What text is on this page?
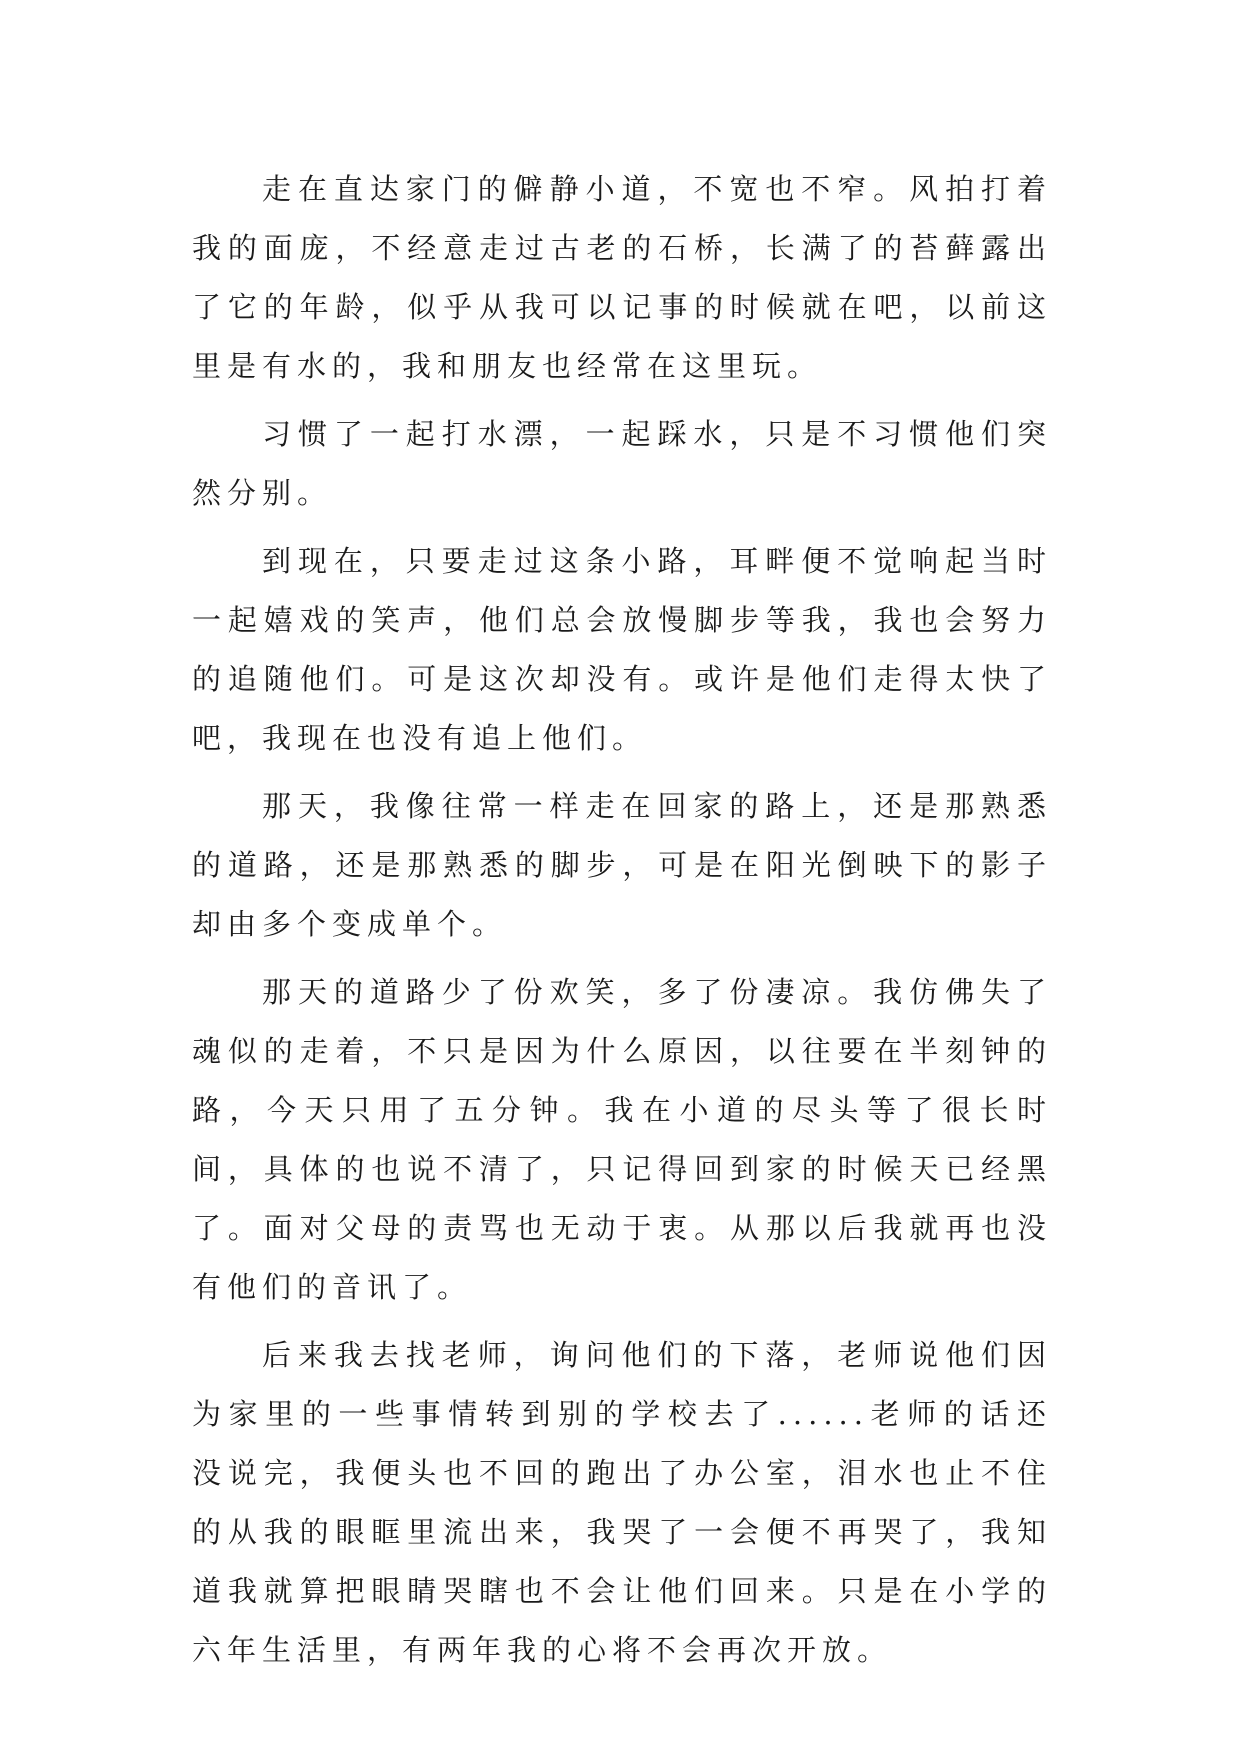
走在直达家门的僻静小道，不宽也不窄。风拍打着我的面庞，不经意走过古老的石桥，长满了的苔藓露出了它的年龄，似乎从我可以记事的时候就在吧，以前这里是有水的，我和朋友也经常在这里玩。

习惯了一起打水漂，一起踩水，只是不习惯他们突然分别。

到现在，只要走过这条小路，耳畔便不觉响起当时一起嬉戏的笑声，他们总会放慢脚步等我，我也会努力的追随他们。可是这次却没有。或许是他们走得太快了吧，我现在也没有追上他们。

那天，我像往常一样走在回家的路上，还是那熟悉的道路，还是那熟悉的脚步，可是在阳光倒映下的影子却由多个变成单个。

那天的道路少了份欢笑，多了份凄凉。我仿佛失了魂似的走着，不只是因为什么原因，以往要在半刻钟的路，今天只用了五分钟。我在小道的尽头等了很长时间，具体的也说不清了，只记得回到家的时候天已经黑了。面对父母的责骂也无动于衷。从那以后我就再也没有他们的音讯了。

后来我去找老师，询问他们的下落，老师说他们因为家里的一些事情转到别的学校去了......老师的话还没说完，我便头也不回的跑出了办公室，泪水也止不住的从我的眼眶里流出来，我哭了一会便不再哭了，我知道我就算把眼睛哭瞎也不会让他们回来。只是在小学的六年生活里，有两年我的心将不会再次开放。
